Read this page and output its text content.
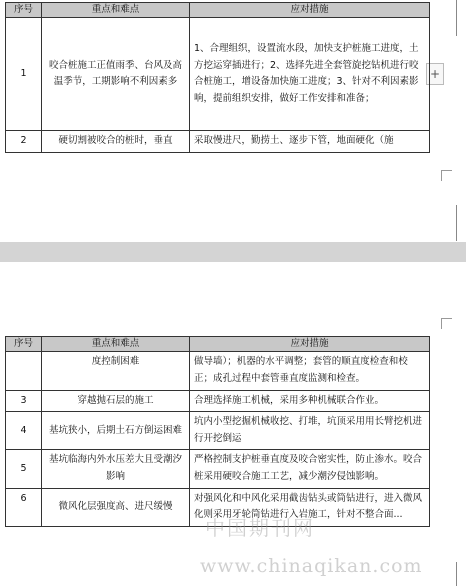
+
序号	重点和难点	应对措施
1	咬合桩施工正值雨季、台风及高温季节，工期影响不利因素多	1、合理组织，设置流水段，加快支护桩施工进度，土方挖运穿插进行；2、选择先进全套管旋挖钻机进行咬合桩施工，增设备加快施工进度；3、针对不利因素影响，提前组织安排，做好工作安排和准备；
2	硬切割被咬合的桩时，垂直	采取慢进尺，勤捞土、逐步下管，地面硬化（施
序号	重点和难点	应对措施
	度控制困难	做导墙）；机器的水平调整；套管的顺直度检查和校正；成孔过程中套管垂直度监测和检查。
3	穿越抛石层的施工	合理选择施工机械，采用多种机械联合作业。
4	基坑狭小，后期土石方倒运困难	坑内小型挖掘机械收挖、打堆，坑顶采用用长臂挖机进行开挖倒运
5	基坑临海内外水压差大且受潮汐影响	严格控制支护桩垂直度及咬合密实性，防止渗水。咬合桩采用硬咬合施工工艺，减少潮汐侵蚀影响。
6	微风化层强度高、进尺缓慢	对强风化和中风化采用截齿钻头或筒钻进行，进入微风化则采用牙轮筒钻进行入岩施工，针对不整合面...
中国期刊网
www.chinaqikan.com
